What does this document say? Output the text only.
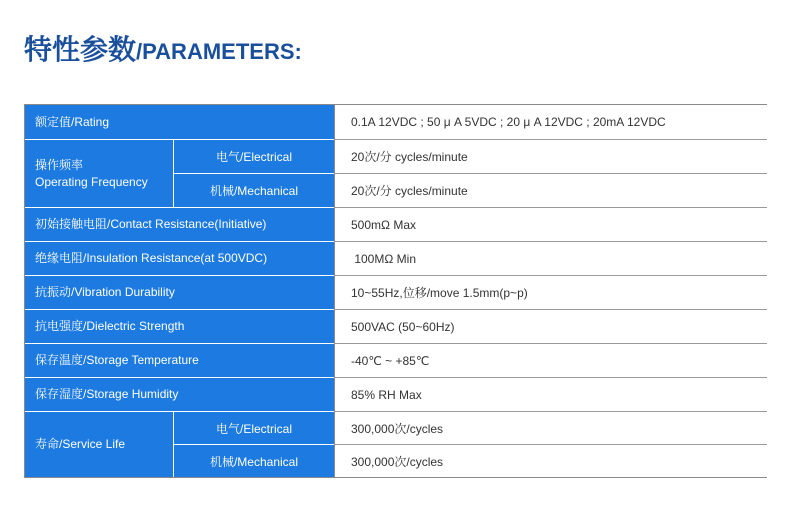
特性参数/PARAMETERS:
额定值/Rating	0.1A 12VDC ; 50 μ A 5VDC ; 20 μ A 12VDC ; 20mA 12VDC
操作频率
Operating Frequency
电气/Electrical	20次/分 cycles/minute
机械/Mechanical	20次/分 cycles/minute
初始接触电阻/Contact Resistance(Initiative)	500mΩ Max
绝缘电阻/Insulation Resistance(at 500VDC)	100MΩ Min
抗振动/Vibration Durability	10~55Hz,位移/move 1.5mm(p~p)
抗电强度/Dielectric Strength	500VAC (50~60Hz)
保存温度/Storage Temperature	-40℃ ~ +85℃
保存湿度/Storage Humidity	85% RH Max
寿命/Service Life
电气/Electrical	300,000次/cycles
机械/Mechanical	300,000次/cycles
